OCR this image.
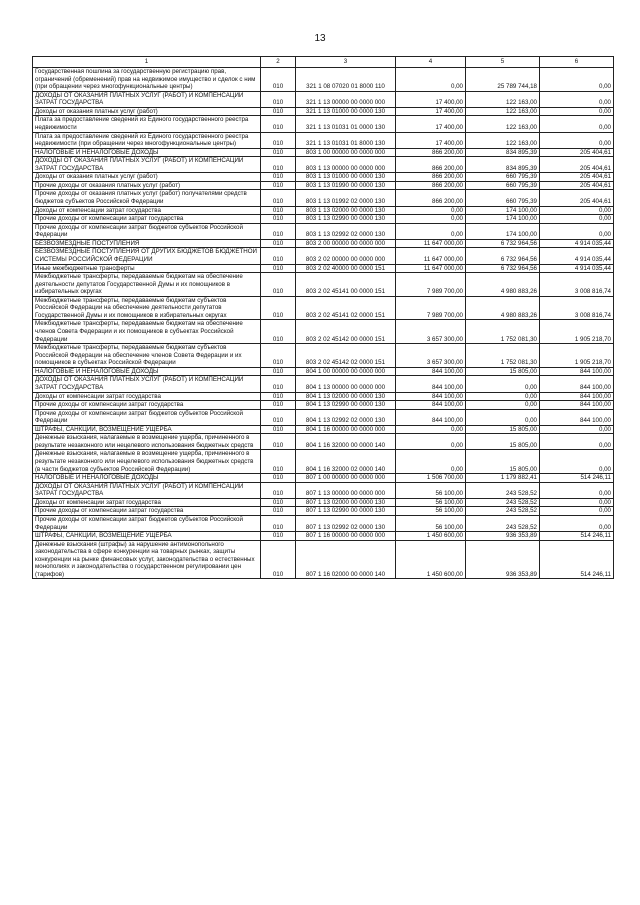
13
1	2	3	4	5	6
Государственная пошлина за государственную регистрацию прав, ограничений (обременений) прав на недвижимое имущество и сделок с ним (при обращении через многофункциональные центры)	010	321 1 08 07020 01 8000 110	0,00	25 789 744,18	0,00
ДОХОДЫ ОТ ОКАЗАНИЯ ПЛАТНЫХ УСЛУГ (РАБОТ) И КОМПЕНСАЦИИ ЗАТРАТ ГОСУДАРСТВА	010	321 1 13 00000 00 0000 000	17 400,00	122 163,00	0,00
Доходы от оказания платных услуг (работ)	010	321 1 13 01000 00 0000 130	17 400,00	122 163,00	0,00
Плата за предоставление сведений из Единого государственного реестра недвижимости	010	321 1 13 01031 01 0000 130	17 400,00	122 163,00	0,00
Плата за предоставление сведений из Единого государственного реестра недвижимости (при обращении через многофункциональные центры)	010	321 1 13 01031 01 8000 130	17 400,00	122 163,00	0,00
НАЛОГОВЫЕ И НЕНАЛОГОВЫЕ ДОХОДЫ	010	803 1 00 00000 00 0000 000	866 200,00	834 895,39	205 404,61
ДОХОДЫ ОТ ОКАЗАНИЯ ПЛАТНЫХ УСЛУГ (РАБОТ) И КОМПЕНСАЦИИ ЗАТРАТ ГОСУДАРСТВА	010	803 1 13 00000 00 0000 000	866 200,00	834 895,39	205 404,61
Доходы от оказания платных услуг (работ)	010	803 1 13 01000 00 0000 130	866 200,00	660 795,39	205 404,61
Прочие доходы от оказания платных услуг (работ)	010	803 1 13 01990 00 0000 130	866 200,00	660 795,39	205 404,61
Прочие доходы от оказания платных услуг (работ) получателями средств бюджетов субъектов Российской Федерации	010	803 1 13 01992 02 0000 130	866 200,00	660 795,39	205 404,61
Доходы от компенсации затрат государства	010	803 1 13 02000 00 0000 130	0,00	174 100,00	0,00
Прочие доходы от компенсации затрат государства	010	803 1 13 02990 00 0000 130	0,00	174 100,00	0,00
Прочие доходы от компенсации затрат бюджетов субъектов Российской Федерации	010	803 1 13 02992 02 0000 130	0,00	174 100,00	0,00
БЕЗВОЗМЕЗДНЫЕ ПОСТУПЛЕНИЯ	010	803 2 00 00000 00 0000 000	11 647 000,00	6 732 964,56	4 914 035,44
БЕЗВОЗМЕЗДНЫЕ ПОСТУПЛЕНИЯ ОТ ДРУГИХ БЮДЖЕТОВ БЮДЖЕТНОЙ СИСТЕМЫ РОССИЙСКОЙ ФЕДЕРАЦИИ	010	803 2 02 00000 00 0000 000	11 647 000,00	6 732 964,56	4 914 035,44
Иные межбюджетные трансферты	010	803 2 02 40000 00 0000 151	11 647 000,00	6 732 964,56	4 914 035,44
Межбюджетные трансферты, передаваемые бюджетам на обеспечение деятельности депутатов Государственной Думы и их помощников в избирательных округах	010	803 2 02 45141 00 0000 151	7 989 700,00	4 980 883,26	3 008 816,74
Межбюджетные трансферты, передаваемые бюджетам субъектов Российской Федерации на обеспечение деятельности депутатов Государственной Думы и их помощников в избирательных округах	010	803 2 02 45141 02 0000 151	7 989 700,00	4 980 883,26	3 008 816,74
Межбюджетные трансферты, передаваемые бюджетам на обеспечение членов Совета Федерации и их помощников в субъектах Российской Федерации	010	803 2 02 45142 00 0000 151	3 657 300,00	1 752 081,30	1 905 218,70
Межбюджетные трансферты, передаваемые бюджетам субъектов Российской Федерации на обеспечение членов Совета Федерации и их помощников в субъектах Российской Федерации	010	803 2 02 45142 02 0000 151	3 657 300,00	1 752 081,30	1 905 218,70
НАЛОГОВЫЕ И НЕНАЛОГОВЫЕ ДОХОДЫ	010	804 1 00 00000 00 0000 000	844 100,00	15 805,00	844 100,00
ДОХОДЫ ОТ ОКАЗАНИЯ ПЛАТНЫХ УСЛУГ (РАБОТ) И КОМПЕНСАЦИИ ЗАТРАТ ГОСУДАРСТВА	010	804 1 13 00000 00 0000 000	844 100,00	0,00	844 100,00
Доходы от компенсации затрат государства	010	804 1 13 02000 00 0000 130	844 100,00	0,00	844 100,00
Прочие доходы от компенсации затрат государства	010	804 1 13 02990 00 0000 130	844 100,00	0,00	844 100,00
Прочие доходы от компенсации затрат бюджетов субъектов Российской Федерации	010	804 1 13 02992 02 0000 130	844 100,00	0,00	844 100,00
ШТРАФЫ, САНКЦИИ, ВОЗМЕЩЕНИЕ УЩЕРБА	010	804 1 16 00000 00 0000 000	0,00	15 805,00	0,00
Денежные взыскания, налагаемые в возмещение ущерба, причиненного в результате незаконного или нецелевого использования бюджетных средств	010	804 1 16 32000 00 0000 140	0,00	15 805,00	0,00
Денежные взыскания, налагаемые в возмещение ущерба, причиненного в результате незаконного или нецелевого использования бюджетных средств (в части бюджетов субъектов Российской Федерации)	010	804 1 16 32000 02 0000 140	0,00	15 805,00	0,00
НАЛОГОВЫЕ И НЕНАЛОГОВЫЕ ДОХОДЫ	010	807 1 00 00000 00 0000 000	1 506 700,00	1 179 882,41	514 246,11
ДОХОДЫ ОТ ОКАЗАНИЯ ПЛАТНЫХ УСЛУГ (РАБОТ) И КОМПЕНСАЦИИ ЗАТРАТ ГОСУДАРСТВА	010	807 1 13 00000 00 0000 000	56 100,00	243 528,52	0,00
Доходы от компенсации затрат государства	010	807 1 13 02000 00 0000 130	56 100,00	243 528,52	0,00
Прочие доходы от компенсации затрат государства	010	807 1 13 02990 00 0000 130	56 100,00	243 528,52	0,00
Прочие доходы от компенсации затрат бюджетов субъектов Российской Федерации	010	807 1 13 02992 02 0000 130	56 100,00	243 528,52	0,00
ШТРАФЫ, САНКЦИИ, ВОЗМЕЩЕНИЕ УЩЕРБА	010	807 1 16 00000 00 0000 000	1 450 600,00	936 353,89	514 246,11
Денежные взыскания (штрафы) за нарушение антимонопольного законодательства в сфере конкуренции на товарных рынках, защиты конкуренции на рынке финансовых услуг, законодательства о естественных монополиях и законодательства о государственном регулировании цен (тарифов)	010	807 1 16 02000 00 0000 140	1 450 600,00	936 353,89	514 246,11
